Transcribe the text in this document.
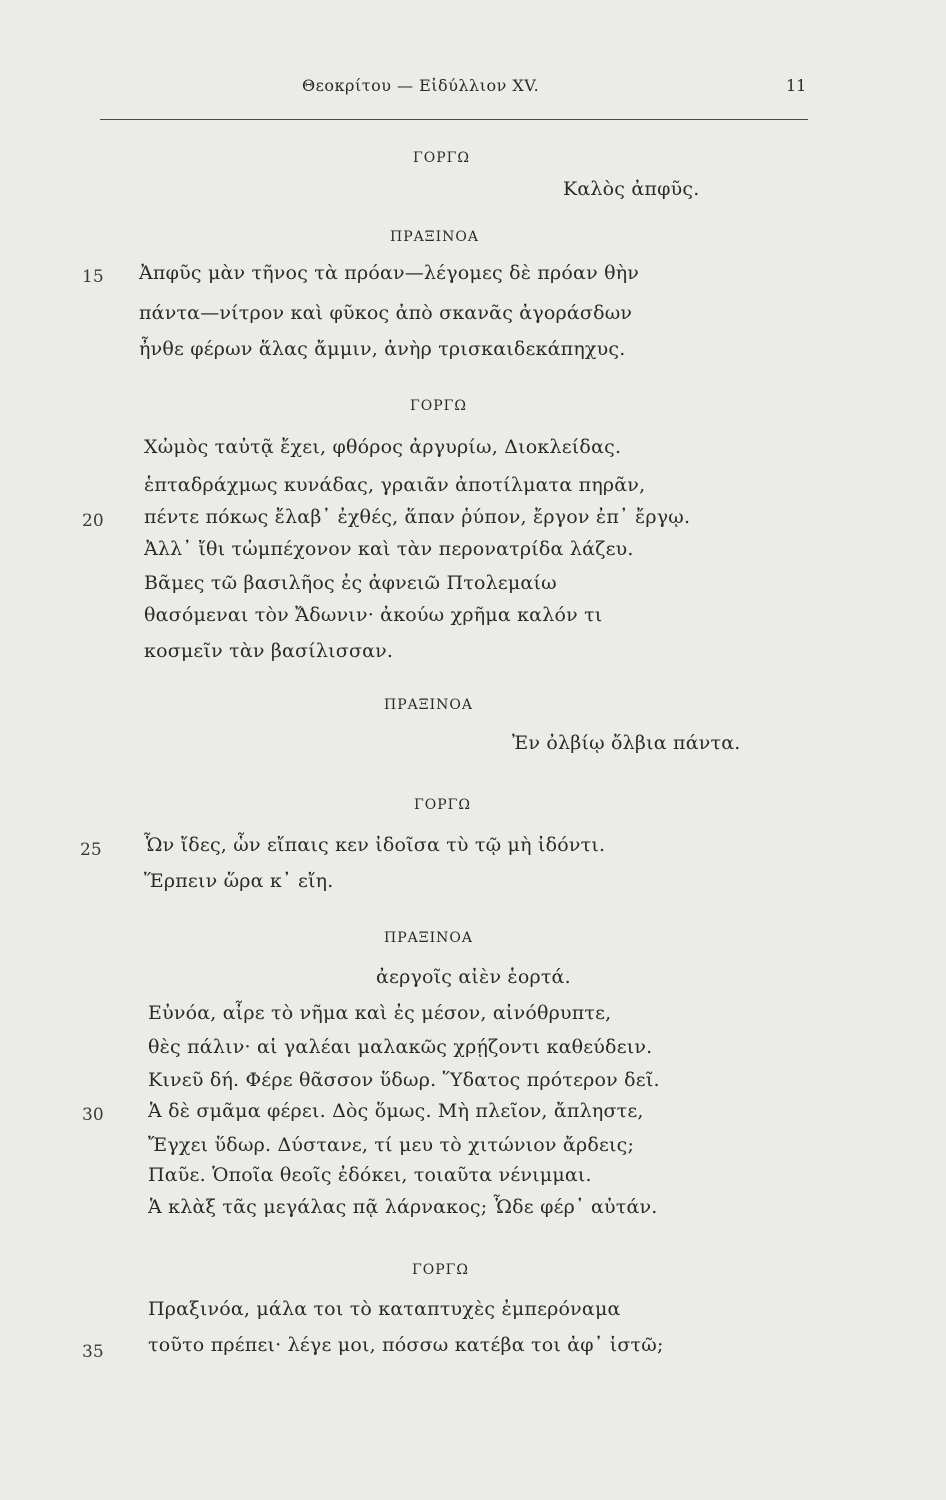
Θεοκρίτου — Εἰδύλλιον XV.	11
ΓΟΡΓΩ
Καλὸς ἀπφῦς.
ΠΡΑΞΙΝΟΑ
15 Ἀπφῦς μὰν τῆνος τὰ πρόαν—λέγομες δὲ πρόαν θὴν
πάντα—νίτρον καὶ φῦκος ἀπὸ σκανᾶς ἀγοράσδων
ἦνθε φέρων ἅλας ἄμμιν, ἀνὴρ τρισκαιδεκάπηχυς.
ΓΟΡΓΩ
Χὠμὸς ταὐτᾷ ἔχει, φθόρος ἀργυρίω, Διοκλείδας.
ἑπταδράχμως κυνάδας, γραιᾶν ἀποτίλματα πηρᾶν,
20 πέντε πόκως ἔλαβ᾽ ἐχθές, ἅπαν ῥύπον, ἔργον ἐπ᾽ ἔργῳ.
Ἀλλ᾽ ἴθι τὠμπέχονον καὶ τὰν περονατρίδα λάζευ.
Βᾶμες τῶ βασιλῆος ἐς ἀφνειῶ Πτολεμαίω
θασόμεναι τὸν Ἄδωνιν· ἀκούω χρῆμα καλόν τι
κοσμεῖν τὰν βασίλισσαν.
ΠΡΑΞΙΝΟΑ
Ἐν ὀλβίῳ ὄλβια πάντα.
ΓΟΡΓΩ
25 Ὧν ἴδες, ὧν εἴπαις κεν ἰδοῖσα τὺ τῷ μὴ ἰδόντι.
Ἕρπειν ὥρα κ᾽ εἴη.
ΠΡΑΞΙΝΟΑ
ἀεργοῖς αἰὲν ἑορτά.
Εὐνόα, αἶρε τὸ νῆμα καὶ ἐς μέσον, αἰνόθρυπτε,
θὲς πάλιν· αἱ γαλέαι μαλακῶς χρῄζοντι καθεύδειν.
Κινεῦ δή. Φέρε θᾶσσον ὕδωρ. Ὕδατος πρότερον δεῖ.
30 Ἁ δὲ σμᾶμα φέρει. Δὸς ὅμως. Μὴ πλεῖον, ἄπληστε,
Ἔγχει ὕδωρ. Δύστανε, τί μευ τὸ χιτώνιον ἄρδεις;
Παῦε. Ὁποῖα θεοῖς ἐδόκει, τοιαῦτα νένιμμαι.
Ἁ κλὰξ τᾶς μεγάλας πᾷ λάρνακος; Ὧδε φέρ᾽ αὐτάν.
ΓΟΡΓΩ
Πραξινόα, μάλα τοι τὸ καταπτυχὲς ἐμπερόναμα
35 τοῦτο πρέπει· λέγε μοι, πόσσω κατέβα τοι ἀφ᾽ ἱστῶ;
